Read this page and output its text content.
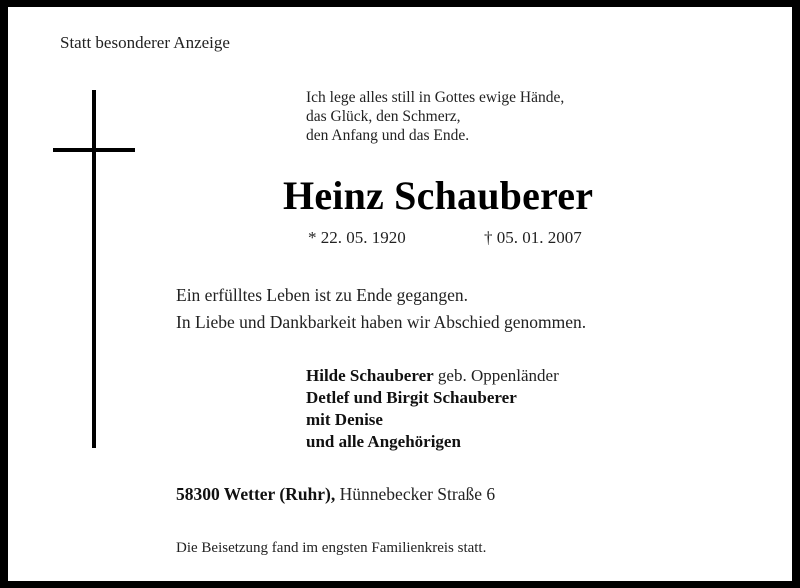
Statt besonderer Anzeige
Ich lege alles still in Gottes ewige Hände,
das Glück, den Schmerz,
den Anfang und das Ende.
Heinz Schauberer
* 22. 05. 1920	† 05. 01. 2007
Ein erfülltes Leben ist zu Ende gegangen.
In Liebe und Dankbarkeit haben wir Abschied genommen.
Hilde Schauberer geb. Oppenländer
Detlef und Birgit Schauberer
mit Denise
und alle Angehörigen
58300 Wetter (Ruhr), Hünnebecker Straße 6
Die Beisetzung fand im engsten Familienkreis statt.
